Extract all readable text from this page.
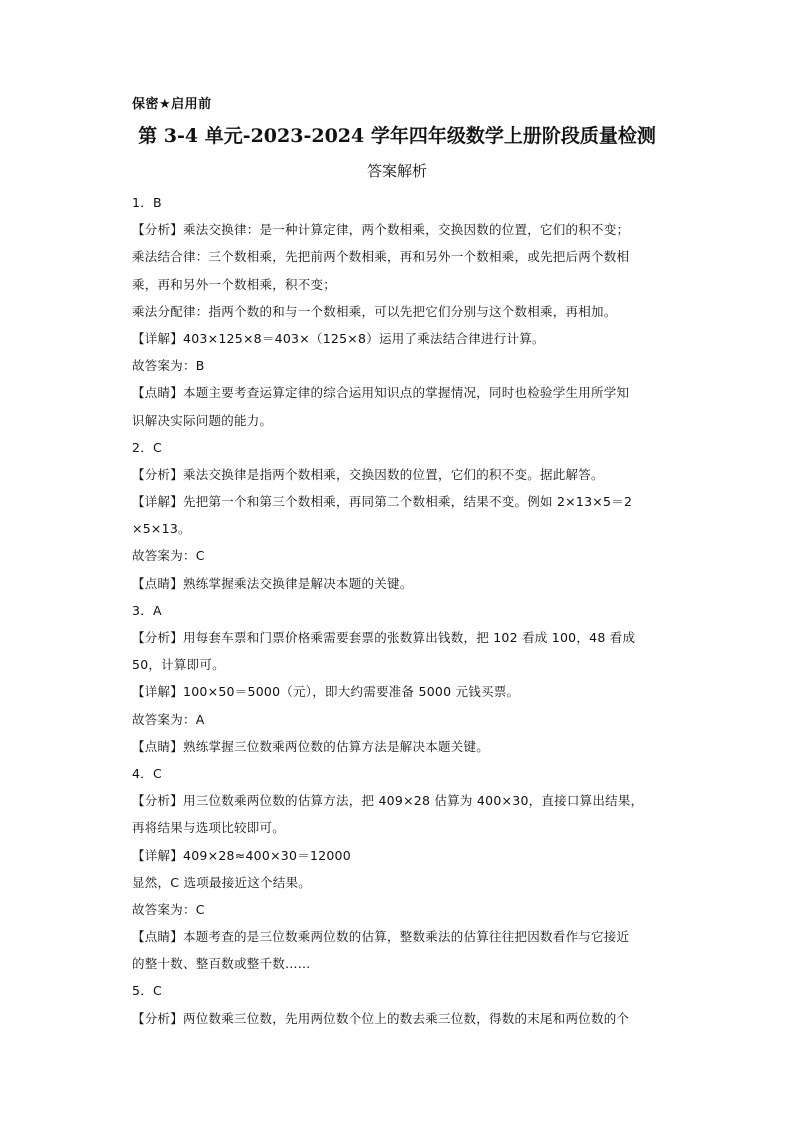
保密★启用前
第 3-4 单元-2023-2024 学年四年级数学上册阶段质量检测
答案解析
1．B
【分析】乘法交换律：是一种计算定律，两个数相乘，交换因数的位置，它们的积不变；
乘法结合律：三个数相乘，先把前两个数相乘，再和另外一个数相乘，或先把后两个数相
乘，再和另外一个数相乘，积不变；
乘法分配律：指两个数的和与一个数相乘，可以先把它们分别与这个数相乘，再相加。
【详解】403×125×8＝403×（125×8）运用了乘法结合律进行计算。
故答案为：B
【点睛】本题主要考查运算定律的综合运用知识点的掌握情况，同时也检验学生用所学知
识解决实际问题的能力。
2．C
【分析】乘法交换律是指两个数相乘，交换因数的位置，它们的积不变。据此解答。
【详解】先把第一个和第三个数相乘，再同第二个数相乘，结果不变。例如 2×13×5＝2
×5×13。
故答案为：C
【点睛】熟练掌握乘法交换律是解决本题的关键。
3．A
【分析】用每套车票和门票价格乘需要套票的张数算出钱数，把 102 看成 100，48 看成
50，计算即可。
【详解】100×50＝5000（元），即大约需要准备 5000 元钱买票。
故答案为：A
【点睛】熟练掌握三位数乘两位数的估算方法是解决本题关键。
4．C
【分析】用三位数乘两位数的估算方法，把 409×28 估算为 400×30，直接口算出结果，
再将结果与选项比较即可。
【详解】409×28≈400×30＝12000
显然，C 选项最接近这个结果。
故答案为：C
【点睛】本题考查的是三位数乘两位数的估算，整数乘法的估算往往把因数看作与它接近
的整十数、整百数或整千数……
5．C
【分析】两位数乘三位数，先用两位数个位上的数去乘三位数，得数的末尾和两位数的个
